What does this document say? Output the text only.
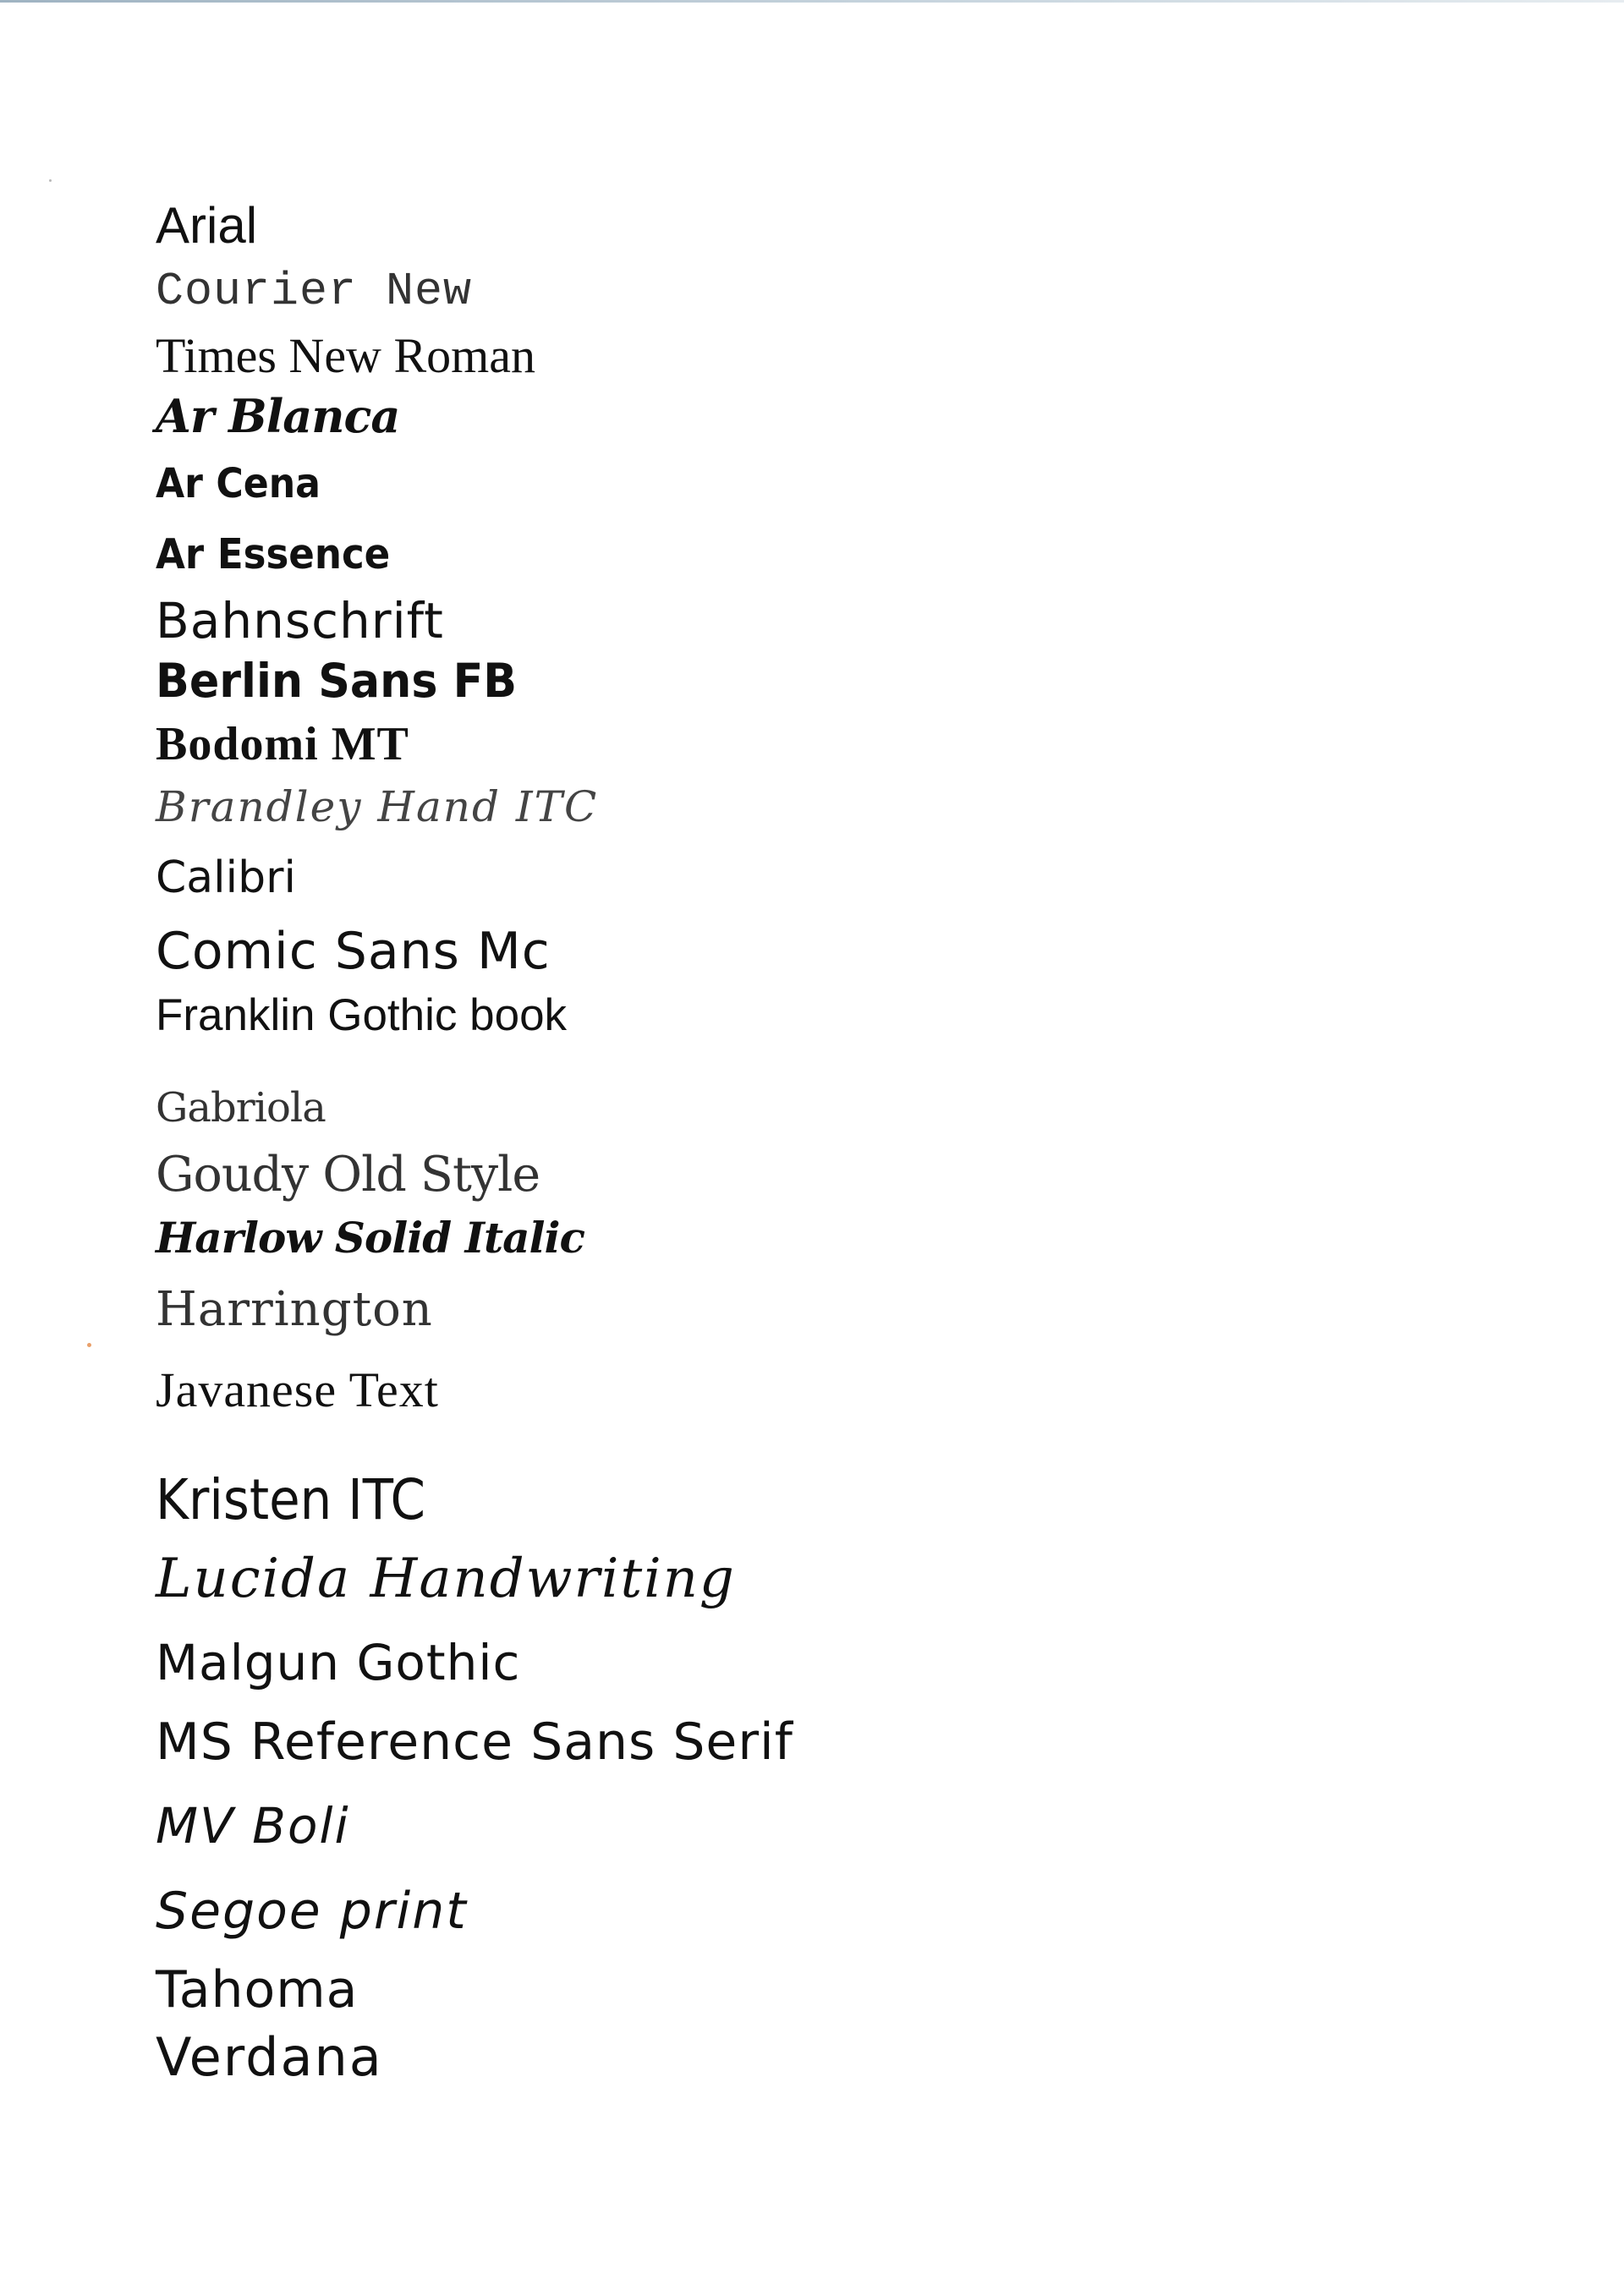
Arial

Courier New

Times New Roman

Ar Blanca

Ar Cena

Ar Essence

Bahnschrift

Berlin Sans FB

Bodomi MT

Brandley Hand ITC

Calibri

Comic Sans Mc

Franklin Gothic book

Gabriola

Goudy Old Style

Harlow Solid Italic

Harrington

Javanese Text

Kristen ITC

Lucida Handwriting

Malgun Gothic

MS Reference Sans Serif

MV Boli

Segoe print

Tahoma

Verdana
